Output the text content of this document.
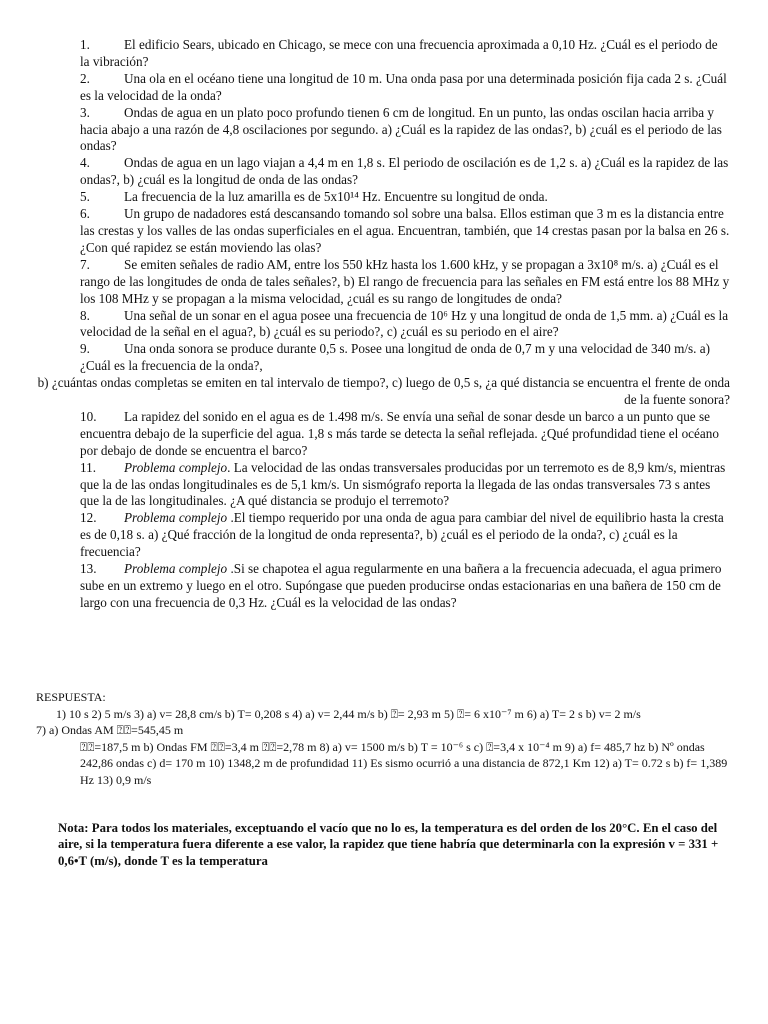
1.	El edificio Sears, ubicado en Chicago, se mece con una frecuencia aproximada a 0,10 Hz. ¿Cuál es el periodo de la vibración?

2.	Una ola en el océano tiene una longitud de 10 m. Una onda pasa por una determinada posición fija cada 2 s. ¿Cuál es la velocidad de la onda?

3.	Ondas de agua en un plato poco profundo tienen 6 cm de longitud. En un punto, las ondas oscilan hacia arriba y hacia abajo a una razón de 4,8 oscilaciones por segundo. a) ¿Cuál es la rapidez de las ondas?, b) ¿cuál es el periodo de las ondas?

4.	Ondas de agua en un lago viajan a 4,4 m en 1,8 s. El periodo de oscilación es de 1,2 s. a) ¿Cuál es la rapidez de las ondas?, b) ¿cuál es la longitud de onda de las ondas?

5.	La frecuencia de la luz amarilla es de 5x10¹⁴ Hz. Encuentre su longitud de onda.

6.	Un grupo de nadadores está descansando tomando sol sobre una balsa. Ellos estiman que 3 m es la distancia entre las crestas y los valles de las ondas superficiales en el agua. Encuentran, también, que 14 crestas pasan por la balsa en 26 s. ¿Con qué rapidez se están moviendo las olas?

7.	Se emiten señales de radio AM, entre los 550 kHz hasta los 1.600 kHz, y se propagan a 3x10⁸ m/s. a) ¿Cuál es el rango de las longitudes de onda de tales señales?, b) El rango de frecuencia para las señales en FM está entre los 88 MHz y los 108 MHz y se propagan a la misma velocidad, ¿cuál es su rango de longitudes de onda?

8.	Una señal de un sonar en el agua posee una frecuencia de 10⁶ Hz y una longitud de onda de 1,5 mm. a) ¿Cuál es la velocidad de la señal en el agua?, b) ¿cuál es su periodo?, c) ¿cuál es su periodo en el aire?

9.	Una onda sonora se produce durante 0,5 s. Posee una longitud de onda de 0,7 m y una velocidad de 340 m/s. a) ¿Cuál es la frecuencia de la onda?,

b) ¿cuántas ondas completas se emiten en tal intervalo de tiempo?, c) luego de 0,5 s, ¿a qué distancia se encuentra el frente de onda de la fuente sonora?

10. La rapidez del sonido en el agua es de 1.498 m/s. Se envía una señal de sonar desde un barco a un punto que se encuentra debajo de la superficie del agua. 1,8 s más tarde se detecta la señal reflejada. ¿Qué profundidad tiene el océano por debajo de donde se encuentra el barco?

11. Problema complejo. La velocidad de las ondas transversales producidas por un terremoto es de 8,9 km/s, mientras que la de las ondas longitudinales es de 5,1 km/s. Un sismógrafo reporta la llegada de las ondas transversales 73 s antes que la de las longitudinales. ¿A qué distancia se produjo el terremoto?

12. Problema complejo .El tiempo requerido por una onda de agua para cambiar del nivel de equilibrio hasta la cresta es de 0,18 s. a) ¿Qué fracción de la longitud de onda representa?, b) ¿cuál es el periodo de la onda?, c) ¿cuál es la frecuencia?

13. Problema complejo .Si se chapotea el agua regularmente en una bañera a la frecuencia adecuada, el agua primero sube en un extremo y luego en el otro. Supóngase que pueden producirse ondas estacionarias en una bañera de 150 cm de largo con una frecuencia de 0,3 Hz. ¿Cuál es la velocidad de las ondas?

RESPUESTA:
1) 10 s 2) 5 m/s 3) a) v= 28,8 cm/s b) T= 0,208 s 4) a) v= 2,44 m/s b) ⍰= 2,93 m 5) ⍰= 6 x10⁻⁷ m 6) a) T= 2 s b) v= 2 m/s
7) a) Ondas AM ⍰⍰=545,45 m
⍰⍰=187,5 m b) Ondas FM ⍰⍰=3,4 m ⍰⍰=2,78 m 8) a) v= 1500 m/s b) T = 10⁻⁶ s c) ⍰=3,4 x 10⁻⁴ m 9) a) f= 485,7 hz b) Nº ondas 242,86 ondas c) d= 170 m 10) 1348,2 m de profundidad 11) Es sismo ocurrió a una distancia de 872,1 Km 12) a) T= 0.72 s b) f= 1,389 Hz 13) 0,9 m/s
Nota: Para todos los materiales, exceptuando el vacío que no lo es, la temperatura es del orden de los 20°C. En el caso del aire, si la temperatura fuera diferente a ese valor, la rapidez que tiene habría que determinarla con la expresión v = 331 + 0,6•T (m/s), donde T es la temperatura
